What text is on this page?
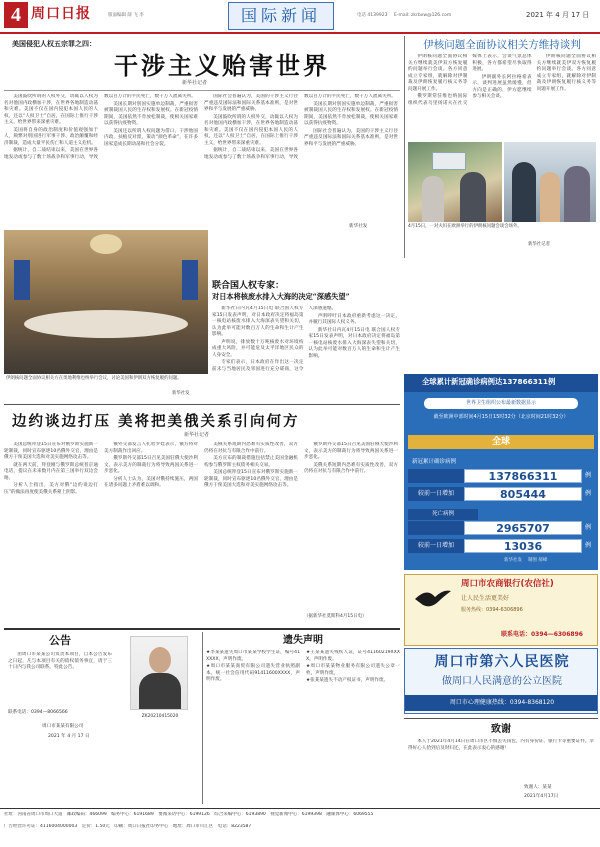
4 周口日报	版面编辑 薛 飞 李	国际新闻	电话 4139923 E-mail: zkrbxw@126.com	2021 年 4 月 17 日
美国侵犯人权五宗罪之四：
干涉主义贻害世界
新华社记者

美国鼓吹所谓的人权外交，动辄以人权为名对他国内政横加干涉，在世界各地制造动荡和灾难。美国不仅在国内侵犯本国人民的人权，还以“人权卫士”自居，在国际上推行干涉主义，给世界带来深重灾难。

美国将自身的政治制度和价值观强加于人，频繁对别国进行军事干涉、政治颠覆和经济制裁，造成大量平民伤亡和人道主义危机。

据统计，自二战结束以来，美国在世界各地发动或参与了数十场战争和军事行动，导致数以百万计的平民死亡，数千万人流离失所。

美国长期对别国实施单边制裁，严重损害被制裁国人民的生存权和发展权。在新冠疫情期间，美国依然不肯放松制裁，使相关国家难以获得抗疫物资。

美国还以所谓人权问题为借口，干涉他国内政，扶植反对派，策动“颜色革命”，在许多国家造成长期动荡和社会分裂。

国际社会普遍认为，美国的干涉主义行径严重违反国际法和国际关系基本准则，是对世界和平与发展的严重威胁。

美国鼓吹所谓的人权外交，动辄以人权为名对他国内政横加干涉，在世界各地制造动荡和灾难。美国不仅在国内侵犯本国人民的人权，还以“人权卫士”自居，在国际上推行干涉主义，给世界带来深重灾难。

据统计，自二战结束以来，美国在世界各地发动或参与了数十场战争和军事行动，导致数以百万计的平民死亡，数千万人流离失所。

美国长期对别国实施单边制裁，严重损害被制裁国人民的生存权和发展权。在新冠疫情期间，美国依然不肯放松制裁，使相关国家难以获得抗疫物资。

国际社会普遍认为，美国的干涉主义行径严重违反国际法和国际关系基本准则，是对世界和平与发展的严重威胁。

新华社发
伊核问题全面协议相关方维持谈判

伊朗核问题全面协议相关方继续就美伊双方恢复履约问题举行会谈。各方同意成立专家组，就解除对伊制裁及伊朗恢复履行核义务等问题开展工作。

俄罗斯常驻维也纳国际组织代表乌里扬诺夫在社交媒体上表示，会谈气氛总体积极，各方都希望尽快取得进展。

伊朗副外长阿拉格希表示，谈判进展虽然缓慢，但方向是正确的，伊方愿继续参与相关会谈。

伊朗核问题全面协议相关方继续就美伊双方恢复履约问题举行会谈。各方同意成立专家组，就解除对伊制裁及伊朗恢复履行核义务等问题开展工作。

4月15日，一对夫妇在欧洲举行的伊朗核问题会谈会场外。
新华社记者
伊朗核问题全面协议相关方在奥地利维也纳举行会议，讨论美国和伊朗双方恢复履约问题。
新华社发
联合国人权专家：
对日本将核废水排入大海的决定“深感失望”

新华社日内瓦4月15日电 联合国人权专家15日发表声明，对日本政府决定将福岛第一核电站核废水排入大海深表失望和关切，认为此举可能对数百万人的生命和生计产生影响。

声明说，排放数十万吨核废水对环境构成重大风险，并可能危及太平洋地区民众的人身安全。

专家们表示，日本政府在作出这一决定前未与当地居民及邻国进行充分磋商，这令人深感遗憾。

声明呼吁日本政府重新考虑这一决定，并履行其国际人权义务。

新华社日内瓦4月15日电 联合国人权专家15日发表声明，对日本政府决定将福岛第一核电站核废水排入大海深表失望和关切，认为此举可能对数百万人的生命和生计产生影响。

全球累计新冠确诊病例达137866311例
世界卫生组织公布最新数据显示
截至欧洲中部时间4月15日15时32分（北京时间21时32分）
全球
新冠累计确诊病例
137866311	例
较前一日增加	805444	例
死亡病例
2965707	例
较前一日增加	13036	例
新华社发 　制图 郝峰
边约谈边打压 美将把美俄关系引向何方
新华社记者

美国总统拜登15日宣布对俄罗斯实施新一轮制裁，同时宣布驱逐10名俄外交官，理由是俄方干预美国大选和对美实施网络攻击等。

就在两天前，拜登刚与俄罗斯总统普京通电话，提议在未来数月内在第三国举行双边会晤。

分析人士指出，美方对俄“边约谈边打压”的做法再度使美俄关系蒙上阴影。

俄外交部发言人扎哈罗娃表示，俄方将对美方制裁作出回应。

俄罗斯外交部15日召见美国驻俄大使沙利文，表示美方的制裁行为将导致两国关系进一步恶化。

分析人士认为，美国对俄持续施压，两国在诸多问题上矛盾难以调和。

美俄关系短期内恐难有实质性改善，双方仍将在对抗与有限合作中前行。

美方宣布的制裁措施包括禁止美国金融机构参与俄罗斯主权债务相关交易。

美国总统拜登15日宣布对俄罗斯实施新一轮制裁，同时宣布驱逐10名俄外交官，理由是俄方干预美国大选和对美实施网络攻击等。

俄罗斯外交部15日召见美国驻俄大使沙利文，表示美方的制裁行为将导致两国关系进一步恶化。

美俄关系短期内恐难有实质性改善，双方仍将在对抗与有限合作中前行。

（据新华社莫斯科4月15日电）
周口市农商银行(农信社)
让人民生活更美好
服务热线：0394-6306896
联系电话：0394—6306896
周口市第六人民医院
做周口人民满意的公立医院
周口市心理健康热线：0394-8368120
公告
由周口市某某公司负责本项目，自本公告发布之日起，凡与本项目有关的债权债务事宜，请于三十日内与我公司联系。特此公告。
联系电话：0394—8066566
周口市某某有限公司
2021 年 4 月 17 日
ZK20210415020
遗失声明

★李某某遗失周口市某某学校学生证，编号41XXXX，声明作废。

★周口市某某商贸有限公司遗失营业执照副本，统一社会信用代码91411600XXXX，声明作废。

★王某某遗失残疾人证，证号41160219XXXX，声明作废。

★周口市某某物业服务有限公司遗失公章一枚，声明作废。

★张某某遗失不动产权证书，声明作废。

致谢
本人于2021年4月14日在周口市区不慎丢失钱包，内有身份证、银行卡等重要证件。幸得好心人拾到后及时归还，在此表示衷心的感谢！
致谢人：某某
2021年4月17日
社址：河南省周口市周口大道　邮政编码：466099　编务中心：6191689　要闻采访中心：6199126　综合采编中心：6193890　视觉新闻中心：6199398　融媒体中心：6069555
广告经营许可证：4116004000003　定价：1.50元　印刷：周口日报社印务中心　地址：周口市川汇区　电话：8223587
